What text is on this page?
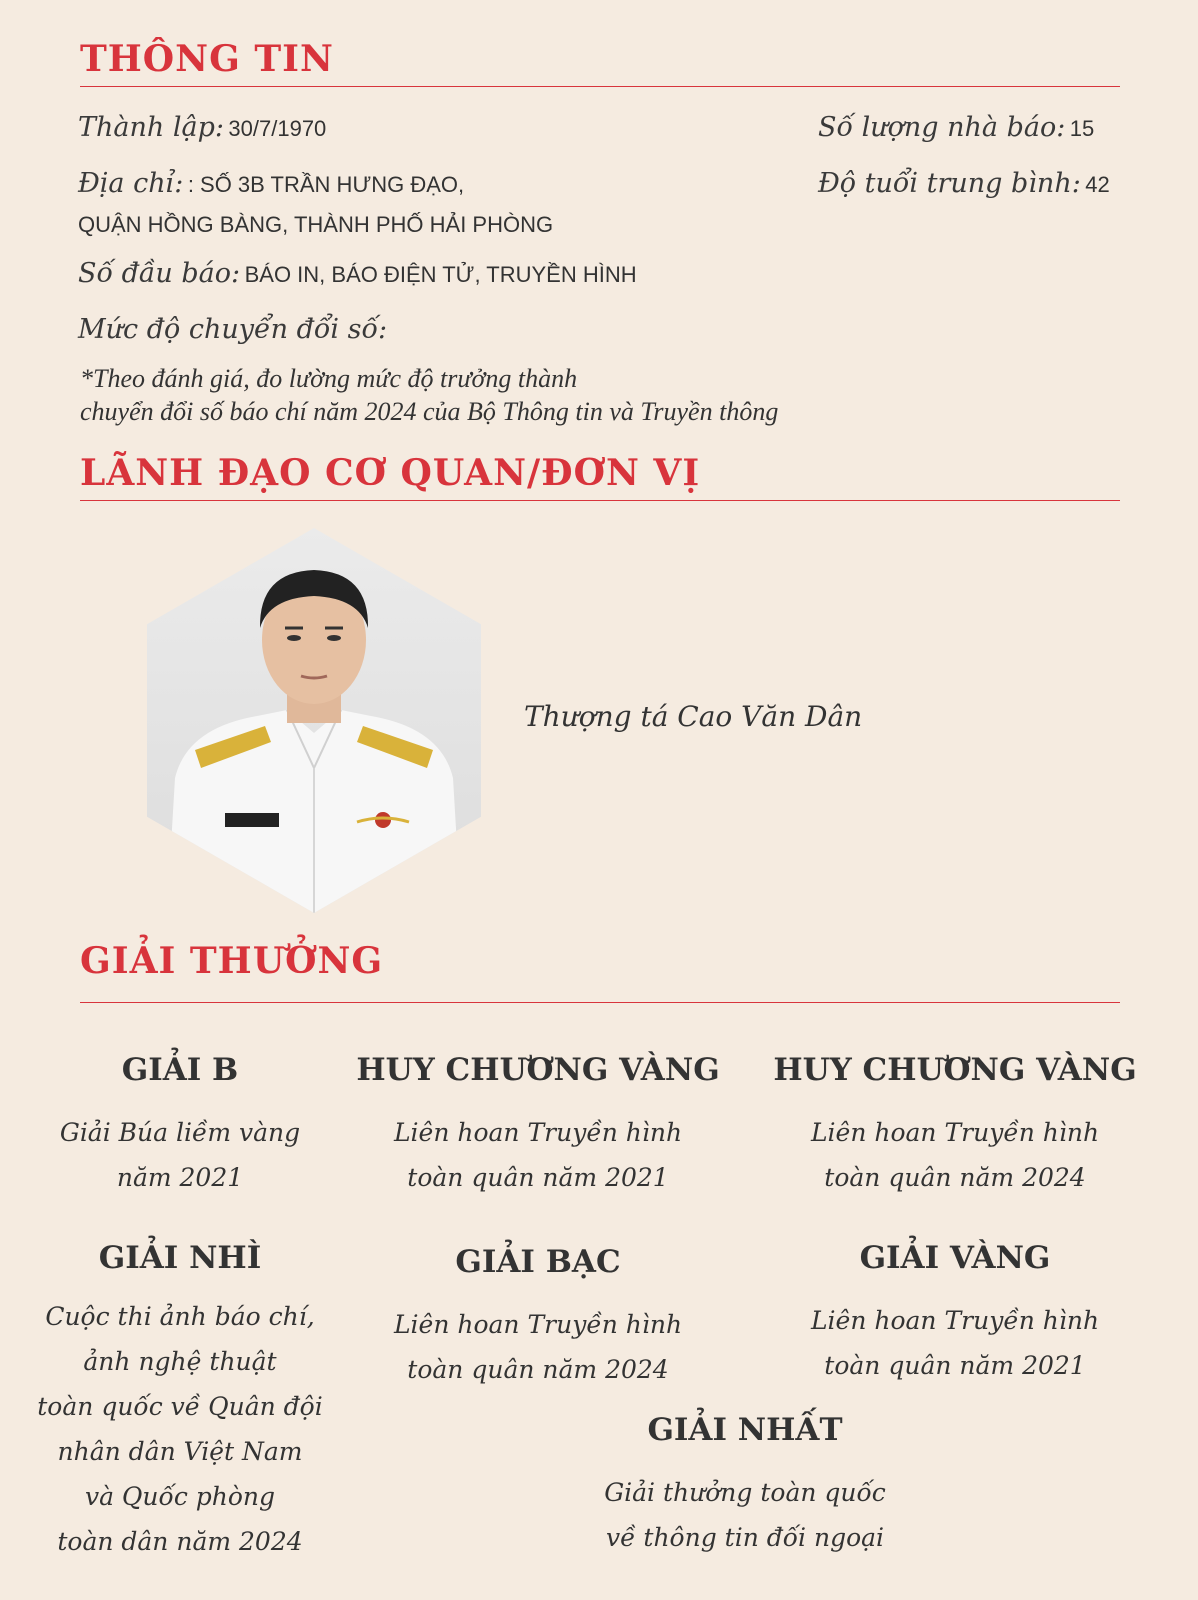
THÔNG TIN
Thành lập: 30/7/1970
Địa chỉ: : SỐ 3B TRẦN HƯNG ĐẠO,
QUẬN HỒNG BÀNG, THÀNH PHỐ HẢI PHÒNG
Số đầu báo: BÁO IN, BÁO ĐIỆN TỬ, TRUYỀN HÌNH
Mức độ chuyển đổi số:
*Theo đánh giá, đo lường mức độ trưởng thành
chuyển đổi số báo chí năm 2024 của Bộ Thông tin và Truyền thông
Số lượng nhà báo: 15
Độ tuổi trung bình: 42
LÃNH ĐẠO CƠ QUAN/ĐƠN VỊ
Thượng tá Cao Văn Dân
GIẢI THƯỞNG
GIẢI B
Giải Búa liềm vàng
năm 2021
HUY CHƯƠNG VÀNG
Liên hoan Truyền hình
toàn quân năm 2021
HUY CHƯƠNG VÀNG
Liên hoan Truyền hình
toàn quân năm 2024
GIẢI NHÌ
Cuộc thi ảnh báo chí,
ảnh nghệ thuật
toàn quốc về Quân đội
nhân dân Việt Nam
và Quốc phòng
toàn dân năm 2024
GIẢI BẠC
Liên hoan Truyền hình
toàn quân năm 2024
GIẢI VÀNG
Liên hoan Truyền hình
toàn quân năm 2021
GIẢI NHẤT
Giải thưởng toàn quốc
về thông tin đối ngoại
